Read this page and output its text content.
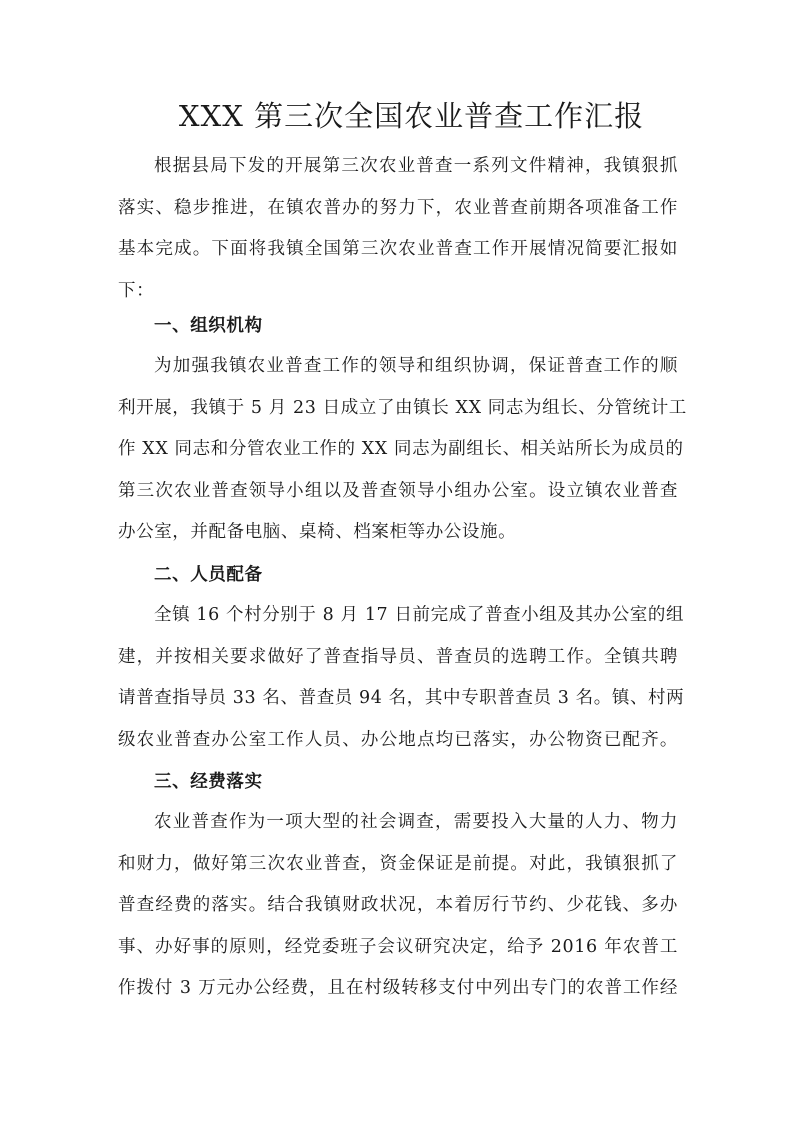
XXX 第三次全国农业普查工作汇报
根据县局下发的开展第三次农业普查一系列文件精神，我镇狠抓
落实、稳步推进，在镇农普办的努力下，农业普查前期各项准备工作
基本完成。下面将我镇全国第三次农业普查工作开展情况简要汇报如
下：
一、组织机构
为加强我镇农业普查工作的领导和组织协调，保证普查工作的顺
利开展，我镇于 5 月 23 日成立了由镇长 XX 同志为组长、分管统计工
作 XX 同志和分管农业工作的 XX 同志为副组长、相关站所长为成员的
第三次农业普查领导小组以及普查领导小组办公室。设立镇农业普查
办公室，并配备电脑、桌椅、档案柜等办公设施。
二、人员配备
全镇 16 个村分别于 8 月 17 日前完成了普查小组及其办公室的组
建，并按相关要求做好了普查指导员、普查员的选聘工作。全镇共聘
请普查指导员 33 名、普查员 94 名，其中专职普查员 3 名。镇、村两
级农业普查办公室工作人员、办公地点均已落实，办公物资已配齐。
三、经费落实
农业普查作为一项大型的社会调查，需要投入大量的人力、物力
和财力，做好第三次农业普查，资金保证是前提。对此，我镇狠抓了
普查经费的落实。结合我镇财政状况，本着厉行节约、少花钱、多办
事、办好事的原则，经党委班子会议研究决定，给予 2016 年农普工
作拨付 3 万元办公经费，且在村级转移支付中列出专门的农普工作经
